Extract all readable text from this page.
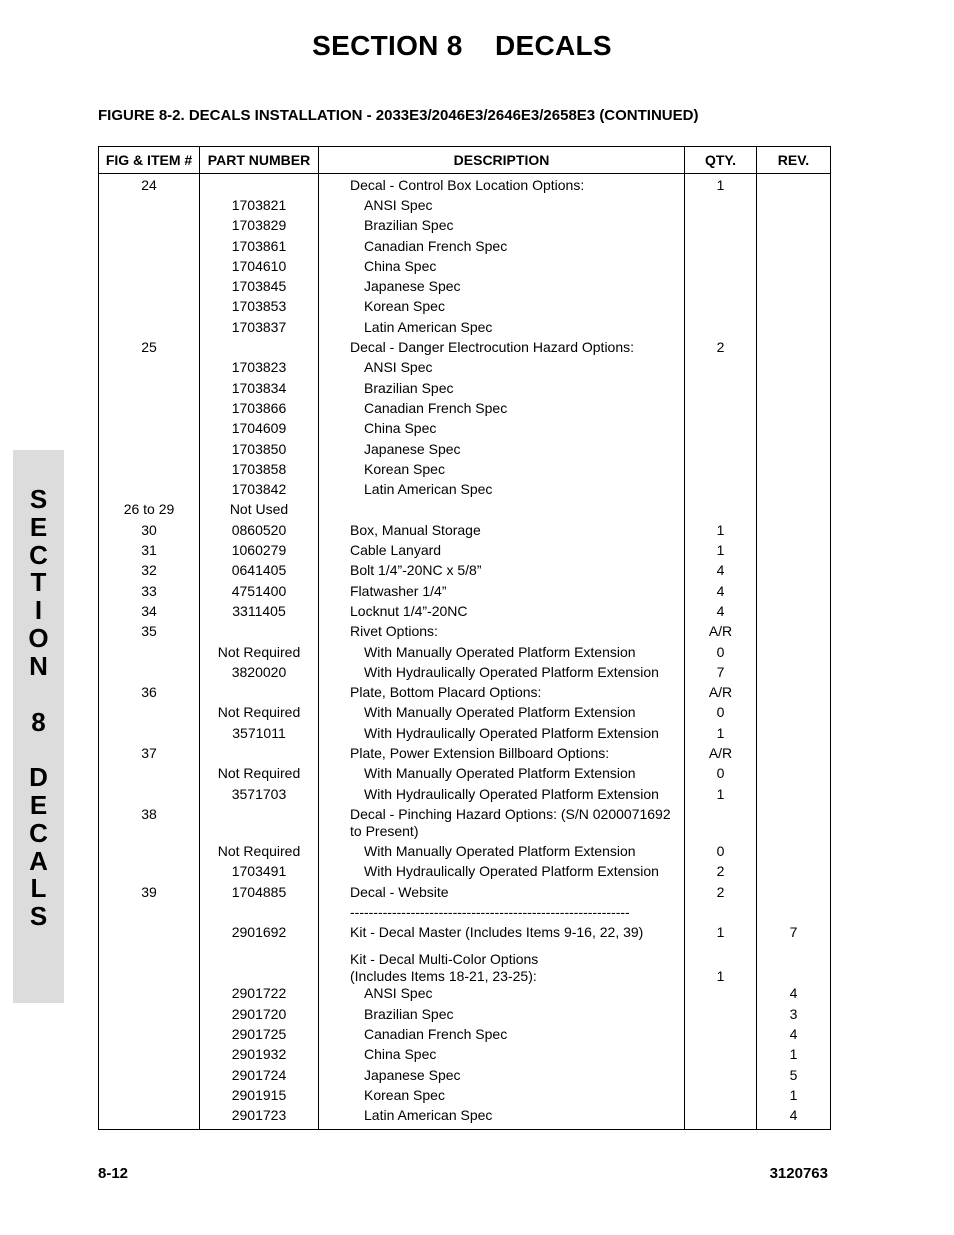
SECTION 8    DECALS
FIGURE 8-2. DECALS INSTALLATION - 2033E3/2046E3/2646E3/2658E3 (CONTINUED)
S
E
C
T
I
O
N
8
D
E
C
A
L
S
FIG & ITEM #	PART NUMBER	DESCRIPTION	QTY.	REV.
24		Decal - Control Box Location Options:	1	
	1703821	ANSI Spec		
	1703829	Brazilian Spec		
	1703861	Canadian French Spec		
	1704610	China Spec		
	1703845	Japanese Spec		
	1703853	Korean Spec		
	1703837	Latin American Spec		
25		Decal - Danger Electrocution Hazard Options:	2	
	1703823	ANSI Spec		
	1703834	Brazilian Spec		
	1703866	Canadian French Spec		
	1704609	China Spec		
	1703850	Japanese Spec		
	1703858	Korean Spec		
	1703842	Latin American Spec		
26 to 29	Not Used			
30	0860520	Box, Manual Storage	1	
31	1060279	Cable Lanyard	1	
32	0641405	Bolt 1/4”-20NC x 5/8”	4	
33	4751400	Flatwasher 1/4”	4	
34	3311405	Locknut 1/4”-20NC	4	
35		Rivet Options:	A/R	
	Not Required	With Manually Operated Platform Extension	0	
	3820020	With Hydraulically Operated Platform Extension	7	
36		Plate, Bottom Placard Options:	A/R	
	Not Required	With Manually Operated Platform Extension	0	
	3571011	With Hydraulically Operated Platform Extension	1	
37		Plate, Power Extension Billboard Options:	A/R	
	Not Required	With Manually Operated Platform Extension	0	
	3571703	With Hydraulically Operated Platform Extension	1	
38		Decal - Pinching Hazard Options: (S/N 0200071692
to Present)		
	Not Required	With Manually Operated Platform Extension	0	
	1703491	With Hydraulically Operated Platform Extension	2	
39	1704885	Decal - Website	2	
		------------------------------------------------------------		
	2901692	Kit - Decal Master (Includes Items 9-16, 22, 39)	1	7
		Kit - Decal Multi-Color Options
(Includes Items 18-21, 23-25):	1	
	2901722	ANSI Spec		4
	2901720	Brazilian Spec		3
	2901725	Canadian French Spec		4
	2901932	China Spec		1
	2901724	Japanese Spec		5
	2901915	Korean Spec		1
	2901723	Latin American Spec		4
8-12	3120763
